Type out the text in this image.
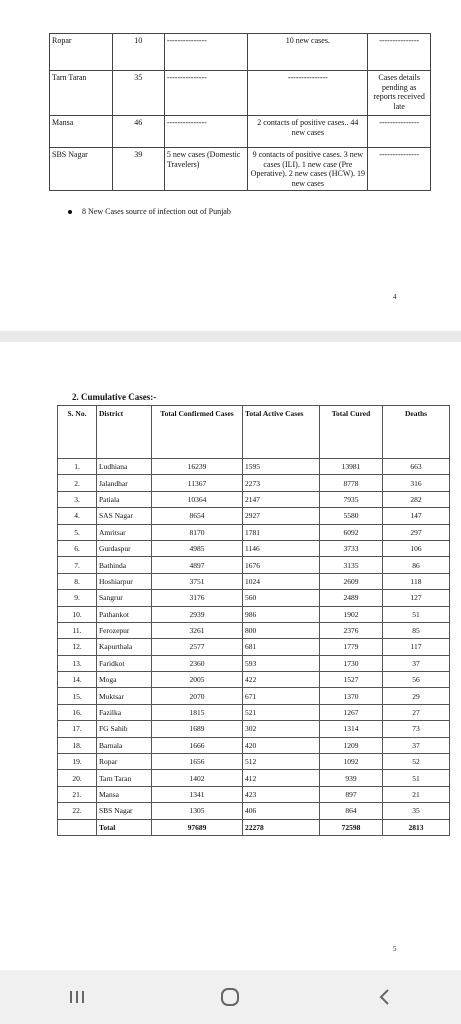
Ropar	10	---------------	10 new cases.	---------------
Tarn Taran	35	---------------	---------------	Cases details pending as reports received late
Mansa	46	---------------	2 contacts of positive cases.. 44 new cases	---------------
SBS Nagar	39	5 new cases (Domestic Travelers)	9 contacts of positive cases. 3 new cases (ILI). 1 new case (Pre Operative). 2 new cases (HCW). 19 new cases	---------------
8 New Cases source of infection out of Punjab
4
2. Cumulative Cases:-
S. No.	District	Total Confirmed Cases	Total Active Cases	Total Cured	Deaths
1.	Ludhiana	16239	1595	13981	663
2.	Jalandhar	11367	2273	8778	316
3.	Patiala	10364	2147	7935	282
4.	SAS Nagar	8654	2927	5580	147
5.	Amritsar	8170	1781	6092	297
6.	Gurdaspur	4985	1146	3733	106
7.	Bathinda	4897	1676	3135	86
8.	Hoshiarpur	3751	1024	2609	118
9.	Sangrur	3176	560	2489	127
10.	Pathankot	2939	986	1902	51
11.	Ferozepur	3261	800	2376	85
12.	Kapurthala	2577	681	1779	117
13.	Faridkot	2360	593	1730	37
14.	Moga	2005	422	1527	56
15.	Muktsar	2070	671	1370	29
16.	Fazilka	1815	521	1267	27
17.	FG Sahib	1689	302	1314	73
18.	Barnala	1666	420	1209	37
19.	Ropar	1656	512	1092	52
20.	Tarn Taran	1402	412	939	51
21.	Mansa	1341	423	897	21
22.	SBS Nagar	1305	406	864	35
	Total	97689	22278	72598	2813
5
